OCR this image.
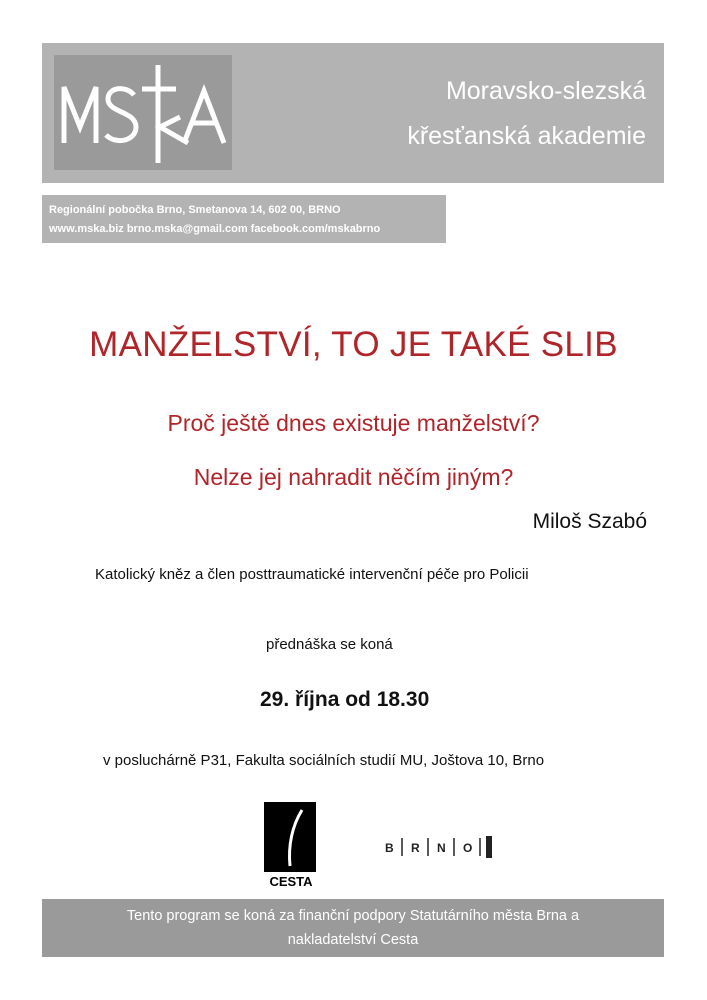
Moravsko-slezská
křesťanská akademie
Regionální pobočka Brno, Smetanova 14, 602 00, BRNO
www.mska.biz brno.mska@gmail.com facebook.com/mskabrno
MANŽELSTVÍ, TO JE TAKÉ SLIB
Proč ještě dnes existuje manželství?
Nelze jej nahradit něčím jiným?
Miloš Szabó
Katolický kněz a člen posttraumatické intervenční péče pro Policii
přednáška se koná
29. října od 18.30
v posluchárně P31, Fakulta sociálních studií MU, Joštova 10, Brno
CESTA
B R N O
Tento program se koná za finanční podpory Statutárního města Brna a
nakladatelství Cesta
